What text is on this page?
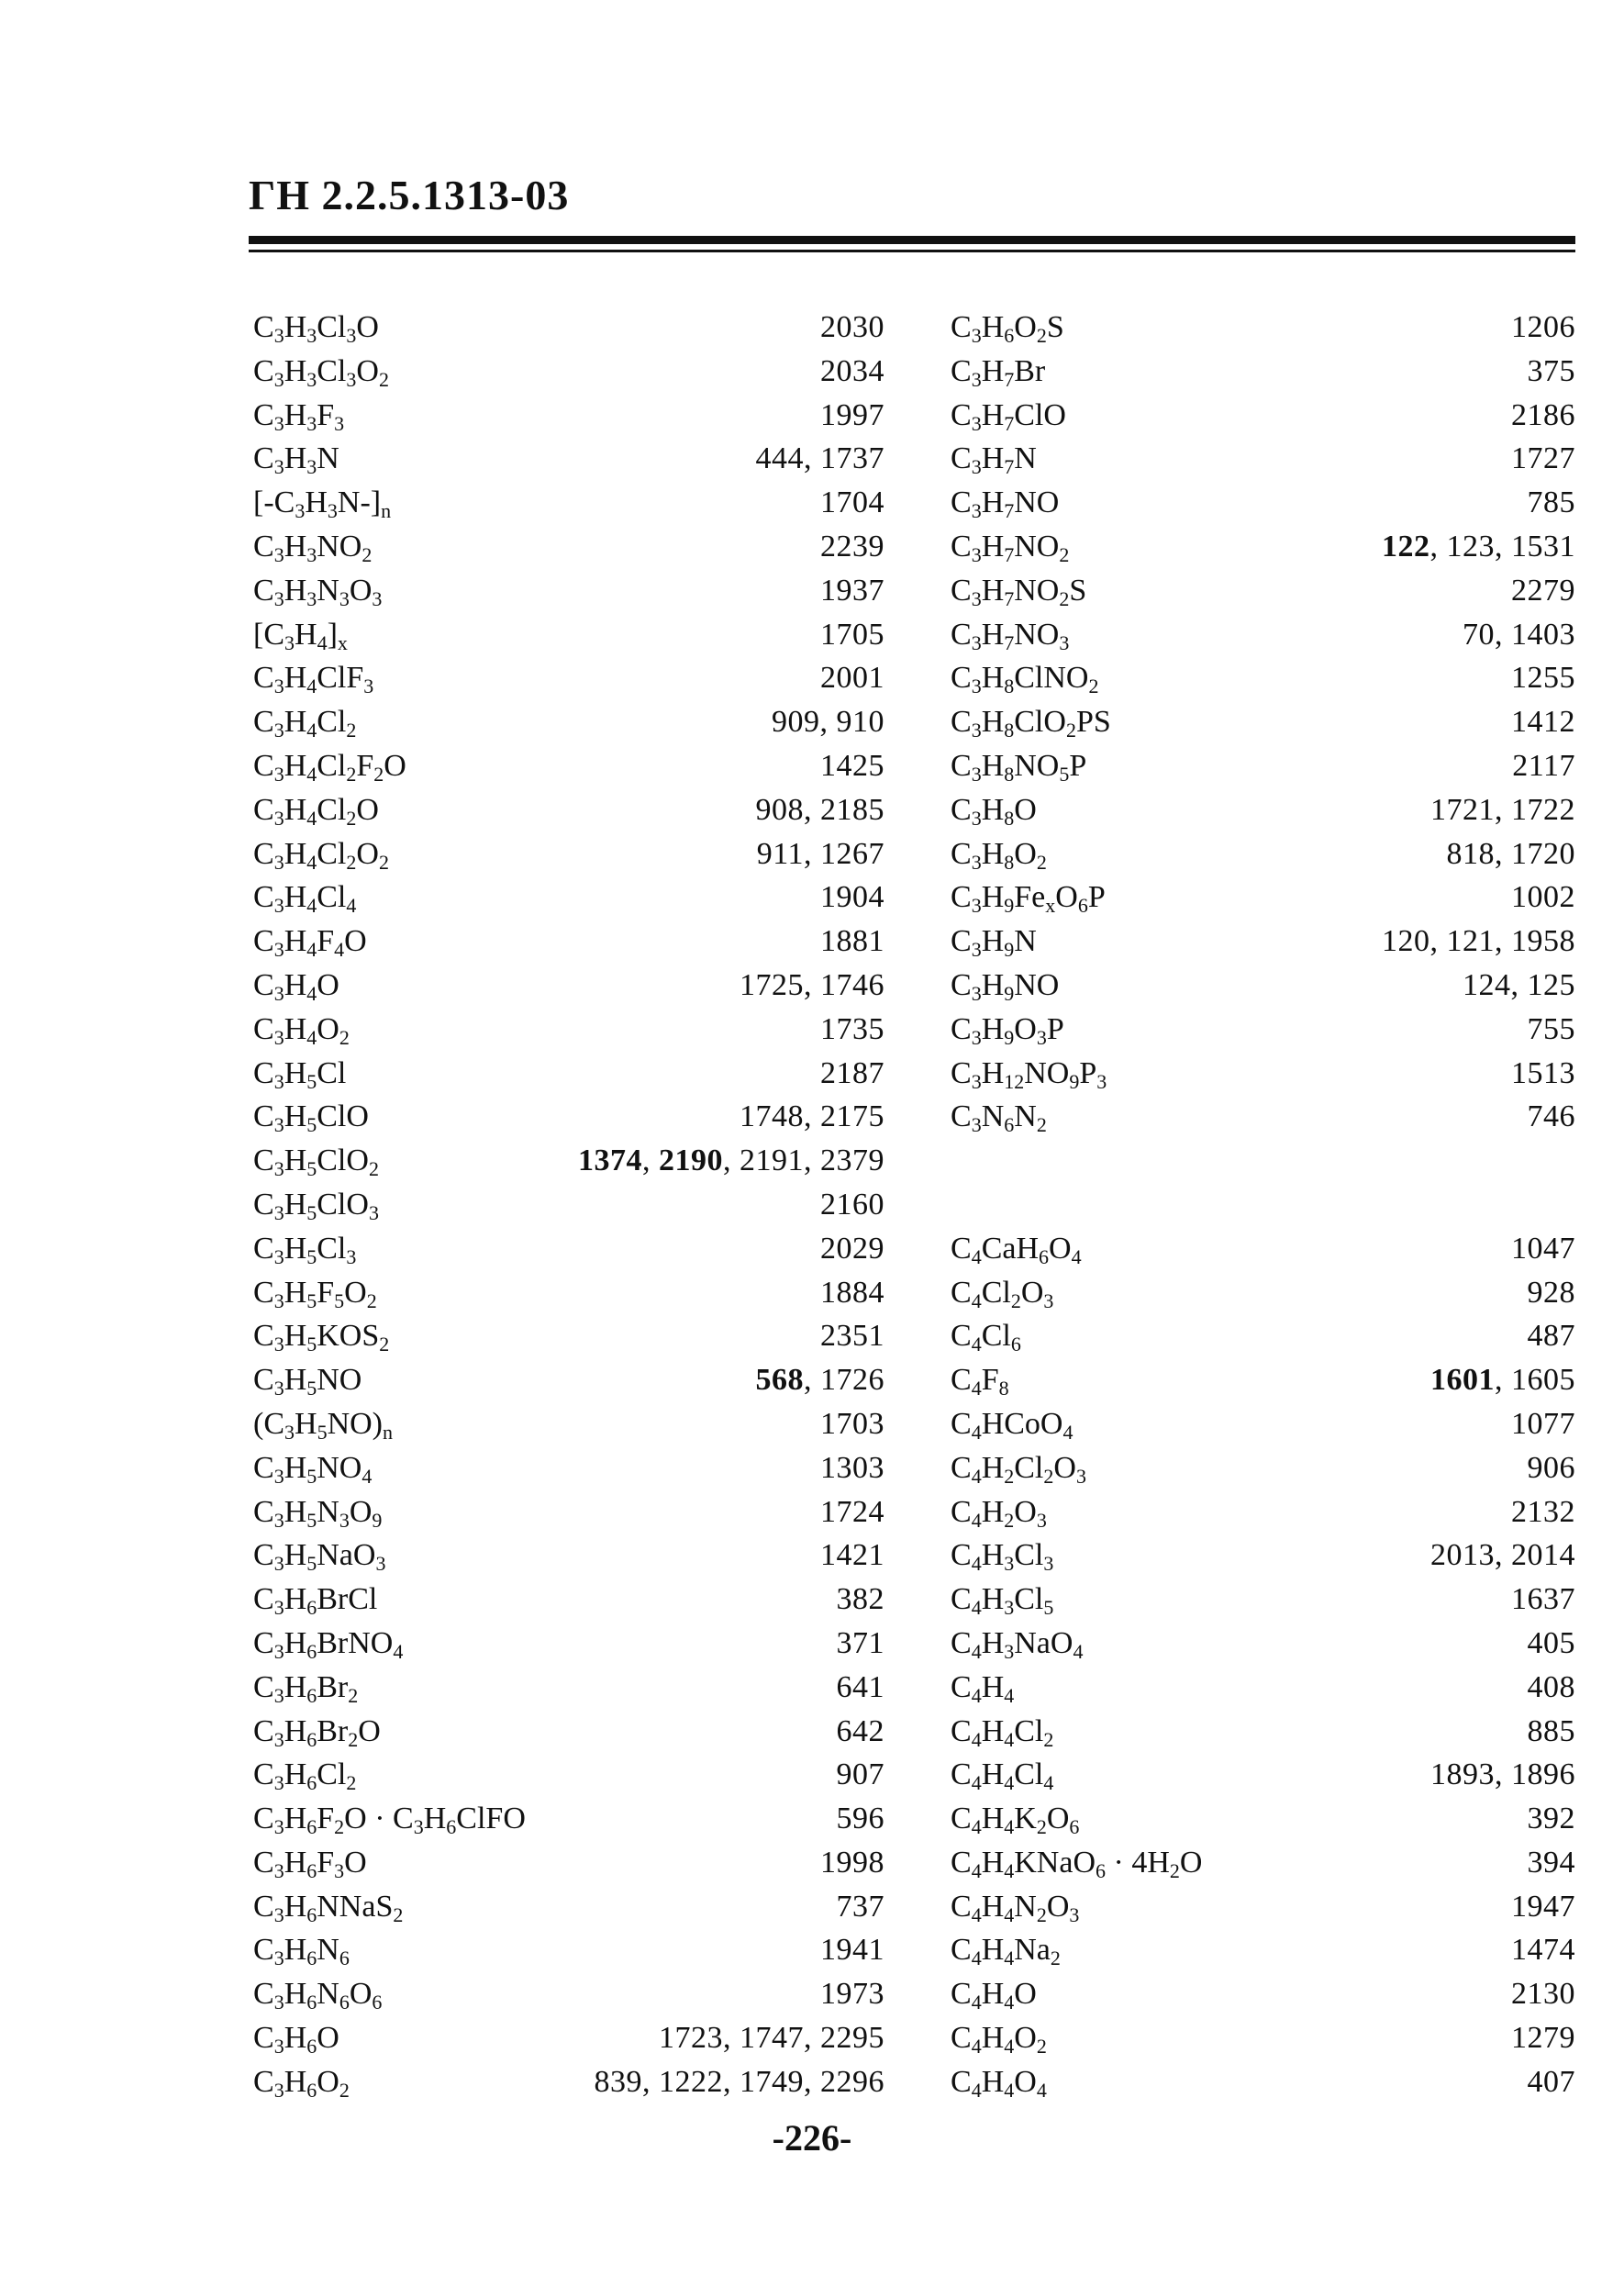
ГН 2.2.5.1313-03
$C_3H_3Cl_3O$	2030
$C_3H_3Cl_3O_2$	2034
$C_3H_3F_3$	1997
$C_3H_3N$	444, 1737
$[-C_3H_3N-]_n$	1704
$C_3H_3NO_2$	2239
$C_3H_3N_3O_3$	1937
$[C_3H_4]_x$	1705
$C_3H_4ClF_3$	2001
$C_3H_4Cl_2$	909, 910
$C_3H_4Cl_2F_2O$	1425
$C_3H_4Cl_2O$	908, 2185
$C_3H_4Cl_2O_2$	911, 1267
$C_3H_4Cl_4$	1904
$C_3H_4F_4O$	1881
$C_3H_4O$	1725, 1746
$C_3H_4O_2$	1735
$C_3H_5Cl$	2187
$C_3H_5ClO$	1748, 2175
$C_3H_5ClO_2$	1374, 2190, 2191, 2379
$C_3H_5ClO_3$	2160
$C_3H_5Cl_3$	2029
$C_3H_5F_5O_2$	1884
$C_3H_5KOS_2$	2351
$C_3H_5NO$	568, 1726
$(C_3H_5NO)_n$	1703
$C_3H_5NO_4$	1303
$C_3H_5N_3O_9$	1724
$C_3H_5NaO_3$	1421
$C_3H_6BrCl$	382
$C_3H_6BrNO_4$	371
$C_3H_6Br_2$	641
$C_3H_6Br_2O$	642
$C_3H_6Cl_2$	907
$C_3H_6F_2O$ · $C_3H_6ClFO$	596
$C_3H_6F_3O$	1998
$C_3H_6NNaS_2$	737
$C_3H_6N_6$	1941
$C_3H_6N_6O_6$	1973
$C_3H_6O$	1723, 1747, 2295
$C_3H_6O_2$	839, 1222, 1749, 2296
$C_3H_6O_2S$	1206
$C_3H_7Br$	375
$C_3H_7ClO$	2186
$C_3H_7N$	1727
$C_3H_7NO$	785
$C_3H_7NO_2$	122, 123, 1531
$C_3H_7NO_2S$	2279
$C_3H_7NO_3$	70, 1403
$C_3H_8ClNO_2$	1255
$C_3H_8ClO_2PS$	1412
$C_3H_8NO_5P$	2117
$C_3H_8O$	1721, 1722
$C_3H_8O_2$	818, 1720
$C_3H_9Fe_xO_6P$	1002
$C_3H_9N$	120, 121, 1958
$C_3H_9NO$	124, 125
$C_3H_9O_3P$	755
$C_3H_{12}NO_9P_3$	1513
$C_3N_6N_2$	746
$C_4CaH_6O_4$	1047
$C_4Cl_2O_3$	928
$C_4Cl_6$	487
$C_4F_8$	1601, 1605
$C_4HCoO_4$	1077
$C_4H_2Cl_2O_3$	906
$C_4H_2O_3$	2132
$C_4H_3Cl_3$	2013, 2014
$C_4H_3Cl_5$	1637
$C_4H_3NaO_4$	405
$C_4H_4$	408
$C_4H_4Cl_2$	885
$C_4H_4Cl_4$	1893, 1896
$C_4H_4K_2O_6$	392
$C_4H_4KNaO_6 \cdot 4H_2O$	394
$C_4H_4N_2O_3$	1947
$C_4H_4Na_2$	1474
$C_4H_4O$	2130
$C_4H_4O_2$	1279
$C_4H_4O_4$	407
-226-
